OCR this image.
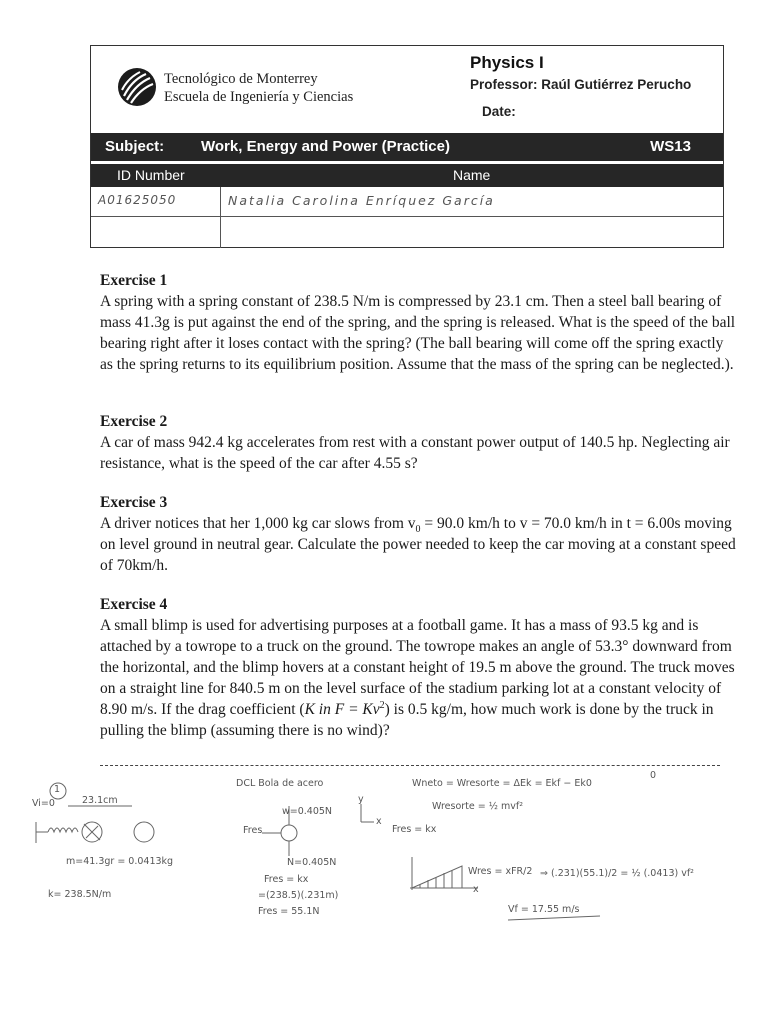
Tecnológico de Monterrey
Escuela de Ingeniería y Ciencias
Physics I
Professor: Raúl Gutiérrez Perucho
Date:
Subject: Work, Energy and Power (Practice)	WS13
ID Number	Name
A01625050	Natalia Carolina Enríquez García
Exercise 1
A spring with a spring constant of 238.5 N/m is compressed by 23.1 cm. Then a steel ball bearing of mass 41.3g is put against the end of the spring, and the spring is released. What is the speed of the ball bearing right after it loses contact with the spring? (The ball bearing will come off the spring exactly as the spring returns to its equilibrium position. Assume that the mass of the spring can be neglected.).
Exercise 2
A car of mass 942.4 kg accelerates from rest with a constant power output of 140.5 hp. Neglecting air resistance, what is the speed of the car after 4.55 s?
Exercise 3
A driver notices that her 1,000 kg car slows from $v_0 = 90.0$ km/h to v = 70.0 km/h in t = 6.00s moving on level ground in neutral gear. Calculate the power needed to keep the car moving at a constant speed of 70km/h.
Exercise 4
A small blimp is used for advertising purposes at a football game. It has a mass of 93.5 kg and is attached by a towrope to a truck on the ground. The towrope makes an angle of 53.3° downward from the horizontal, and the blimp hovers at a constant height of 19.5 m above the ground. The truck moves on a straight line for 840.5 m on the level surface of the stadium parking lot at a constant velocity of 8.90 m/s. If the drag coefficient (K in $F = Kv^2$) is 0.5 kg/m, how much work is done by the truck in pulling the blimp (assuming there is no wind)?
1
Vi=0	23.1cm
m=41.3gr = 0.0413kg
k= 238.5N/m
DCL Bola de acero
w=0.405N
y
x
Fres	Fres = kx
N=0.405N
Fres = kx
=(238.5)(.231m)
Fres = 55.1N
Wneto = Wresorte = ΔEk = Ekf − Ek0
0
Wresorte = ½ mvf²
Wres = xFR/2
x
⇒ (.231)(55.1)/2 = ½ (.0413) vf²
Vf = 17.55 m/s
